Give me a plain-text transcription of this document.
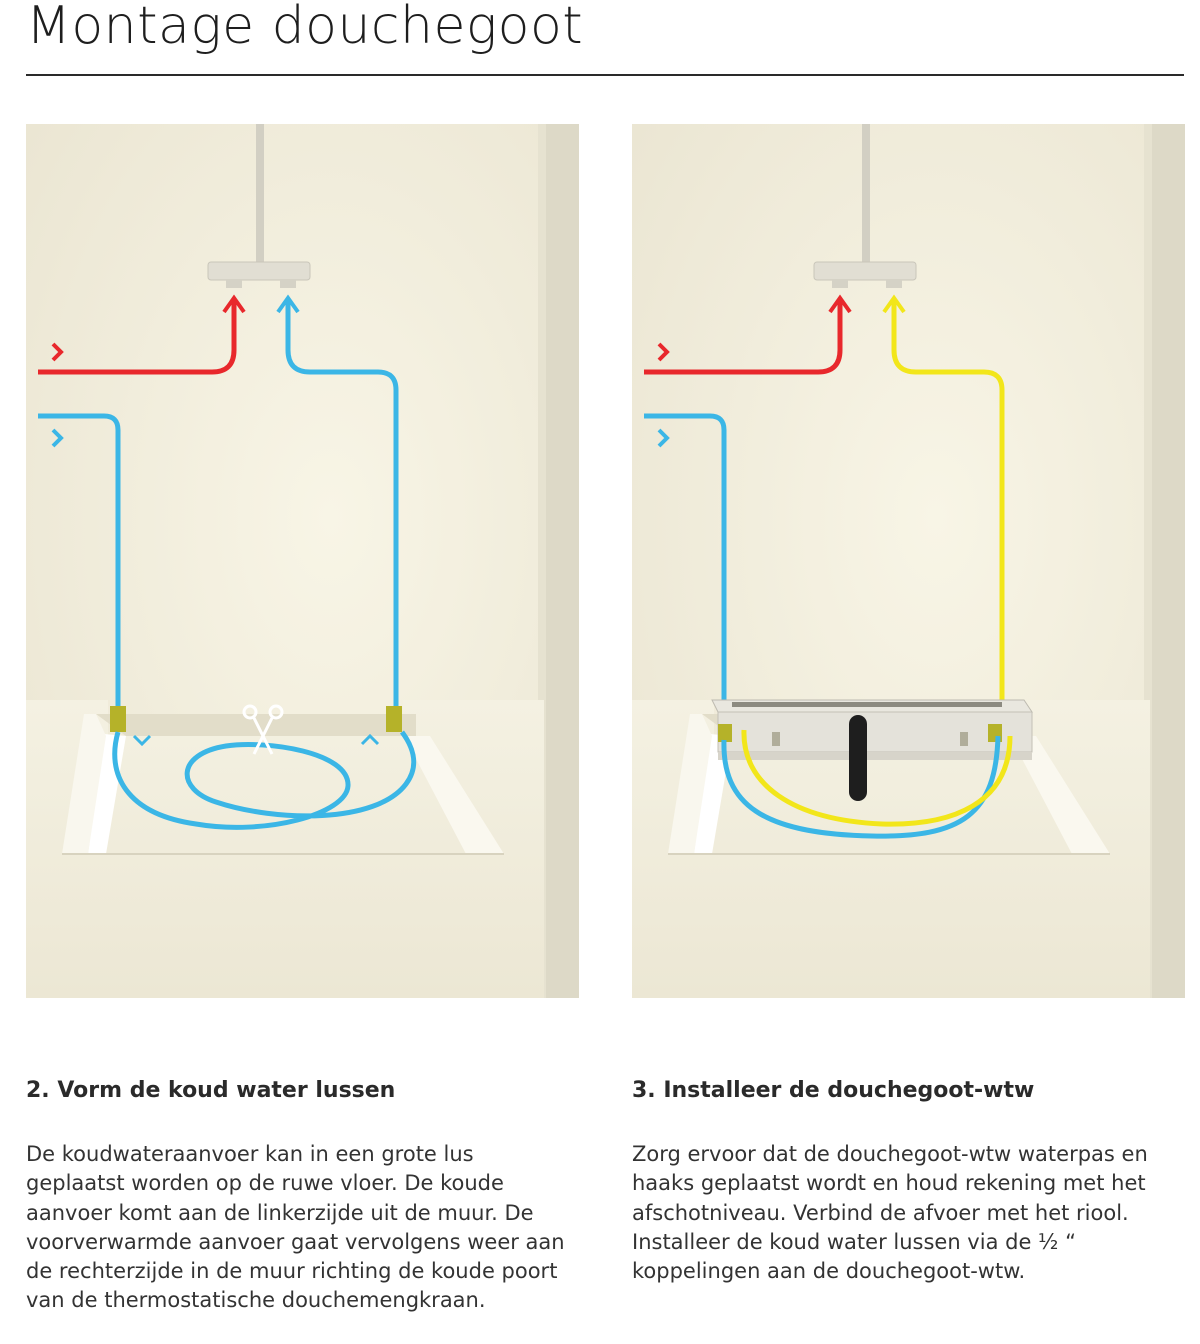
Montage douchegoot
2. Vorm de koud water lussen

De koudwateraanvoer kan in een grote lus geplaatst worden op de ruwe vloer. De koude aanvoer komt aan de linkerzijde uit de muur. De voorverwarmde aanvoer gaat vervolgens weer aan de rechterzijde in de muur richting de koude poort van de thermostatische douchemengkraan.

3. Installeer de douchegoot-wtw

Zorg ervoor dat de douchegoot-wtw waterpas en haaks geplaatst wordt en houd rekening met het afschotniveau. Verbind de afvoer met het riool. Installeer de koud water lussen via de ½ “ koppelingen aan de douchegoot-wtw.
